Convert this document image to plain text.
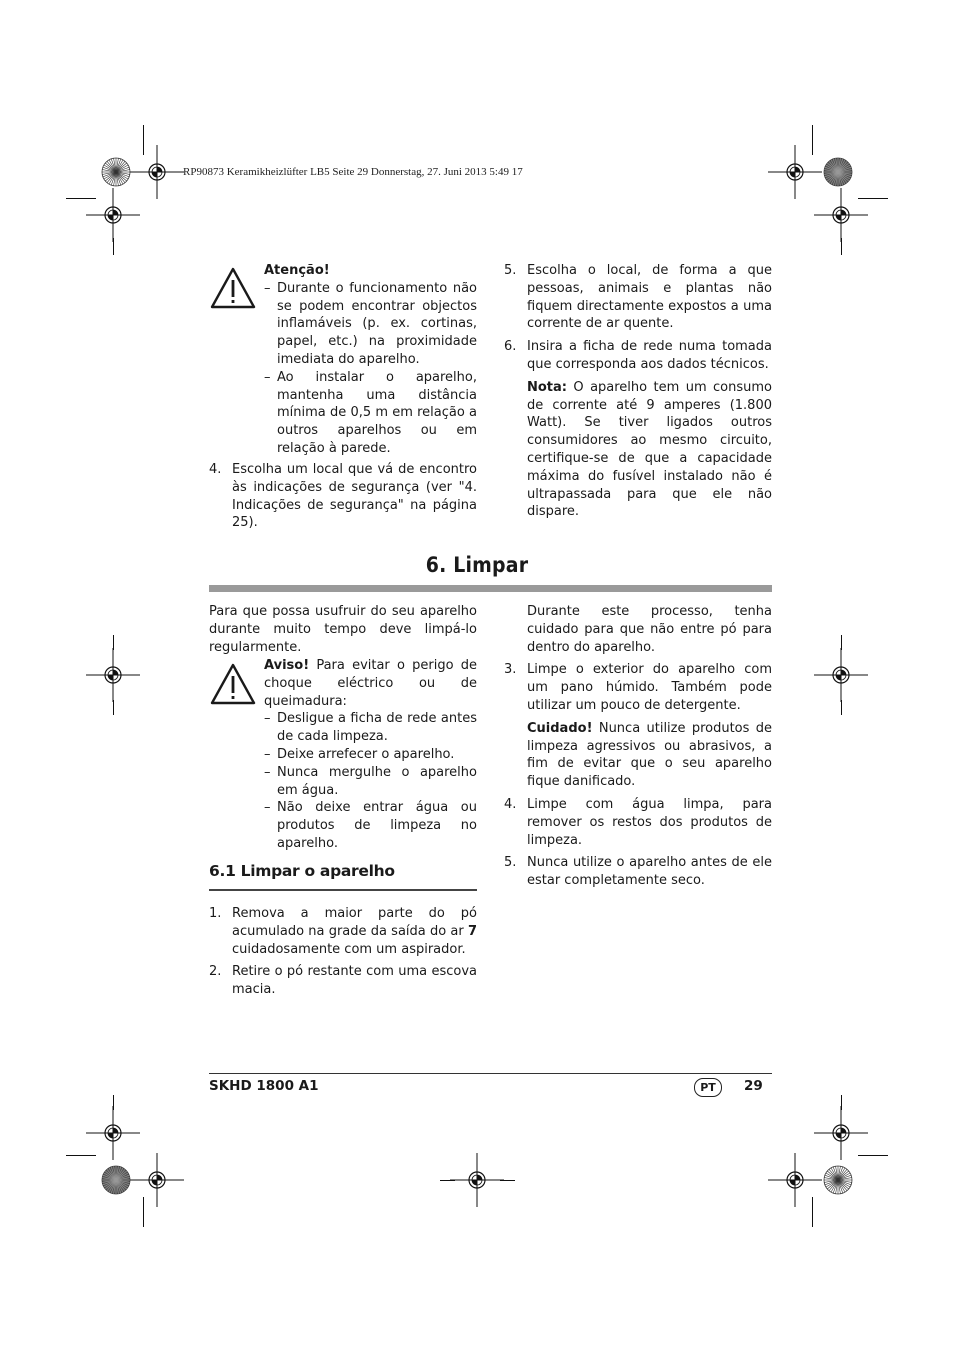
RP90873 Keramikheizlüfter LB5 Seite 29 Donnerstag, 27. Juni 2013 5:49 17
Atenção!
– Durante o funcionamento não se podem encontrar objectos inflamáveis (p. ex. cortinas, papel, etc.) na proximidade imediata do aparelho.
– Ao instalar o aparelho, mantenha uma distância mínima de 0,5 m em relação a outros aparelhos ou em relação à parede.
4. Escolha um local que vá de encontro às indicações de segurança (ver "4. Indicações de segurança" na página 25).
5. Escolha o local, de forma a que pessoas, animais e plantas não fiquem directamente expostos a uma corrente de ar quente.
6. Insira a ficha de rede numa tomada que corresponda aos dados técnicos.
Nota: O aparelho tem um consumo de corrente até 9 amperes (1.800 Watt). Se tiver ligados outros consumidores ao mesmo circuito, certifique-se de que a capacidade máxima do fusível instalado não é ultrapassada para que ele não dispare.
6. Limpar
Para que possa usufruir do seu aparelho durante muito tempo deve limpá-lo regularmente.
Aviso! Para evitar o perigo de choque eléctrico ou de queimadura:
– Desligue a ficha de rede antes de cada limpeza.
– Deixe arrefecer o aparelho.
– Nunca mergulhe o aparelho em água.
– Não deixe entrar água ou produtos de limpeza no aparelho.
6.1 Limpar o aparelho
1. Remova a maior parte do pó acumulado na grade da saída do ar 7 cuidadosamente com um aspirador.
2. Retire o pó restante com uma escova macia.
Durante este processo, tenha cuidado para que não entre pó para dentro do aparelho.
3. Limpe o exterior do aparelho com um pano húmido. Também pode utilizar um pouco de detergente.
Cuidado! Nunca utilize produtos de limpeza agressivos ou abrasivos, a fim de evitar que o seu aparelho fique danificado.
4. Limpe com água limpa, para remover os restos dos produtos de limpeza.
5. Nunca utilize o aparelho antes de ele estar completamente seco.
SKHD 1800 A1	PT	29
